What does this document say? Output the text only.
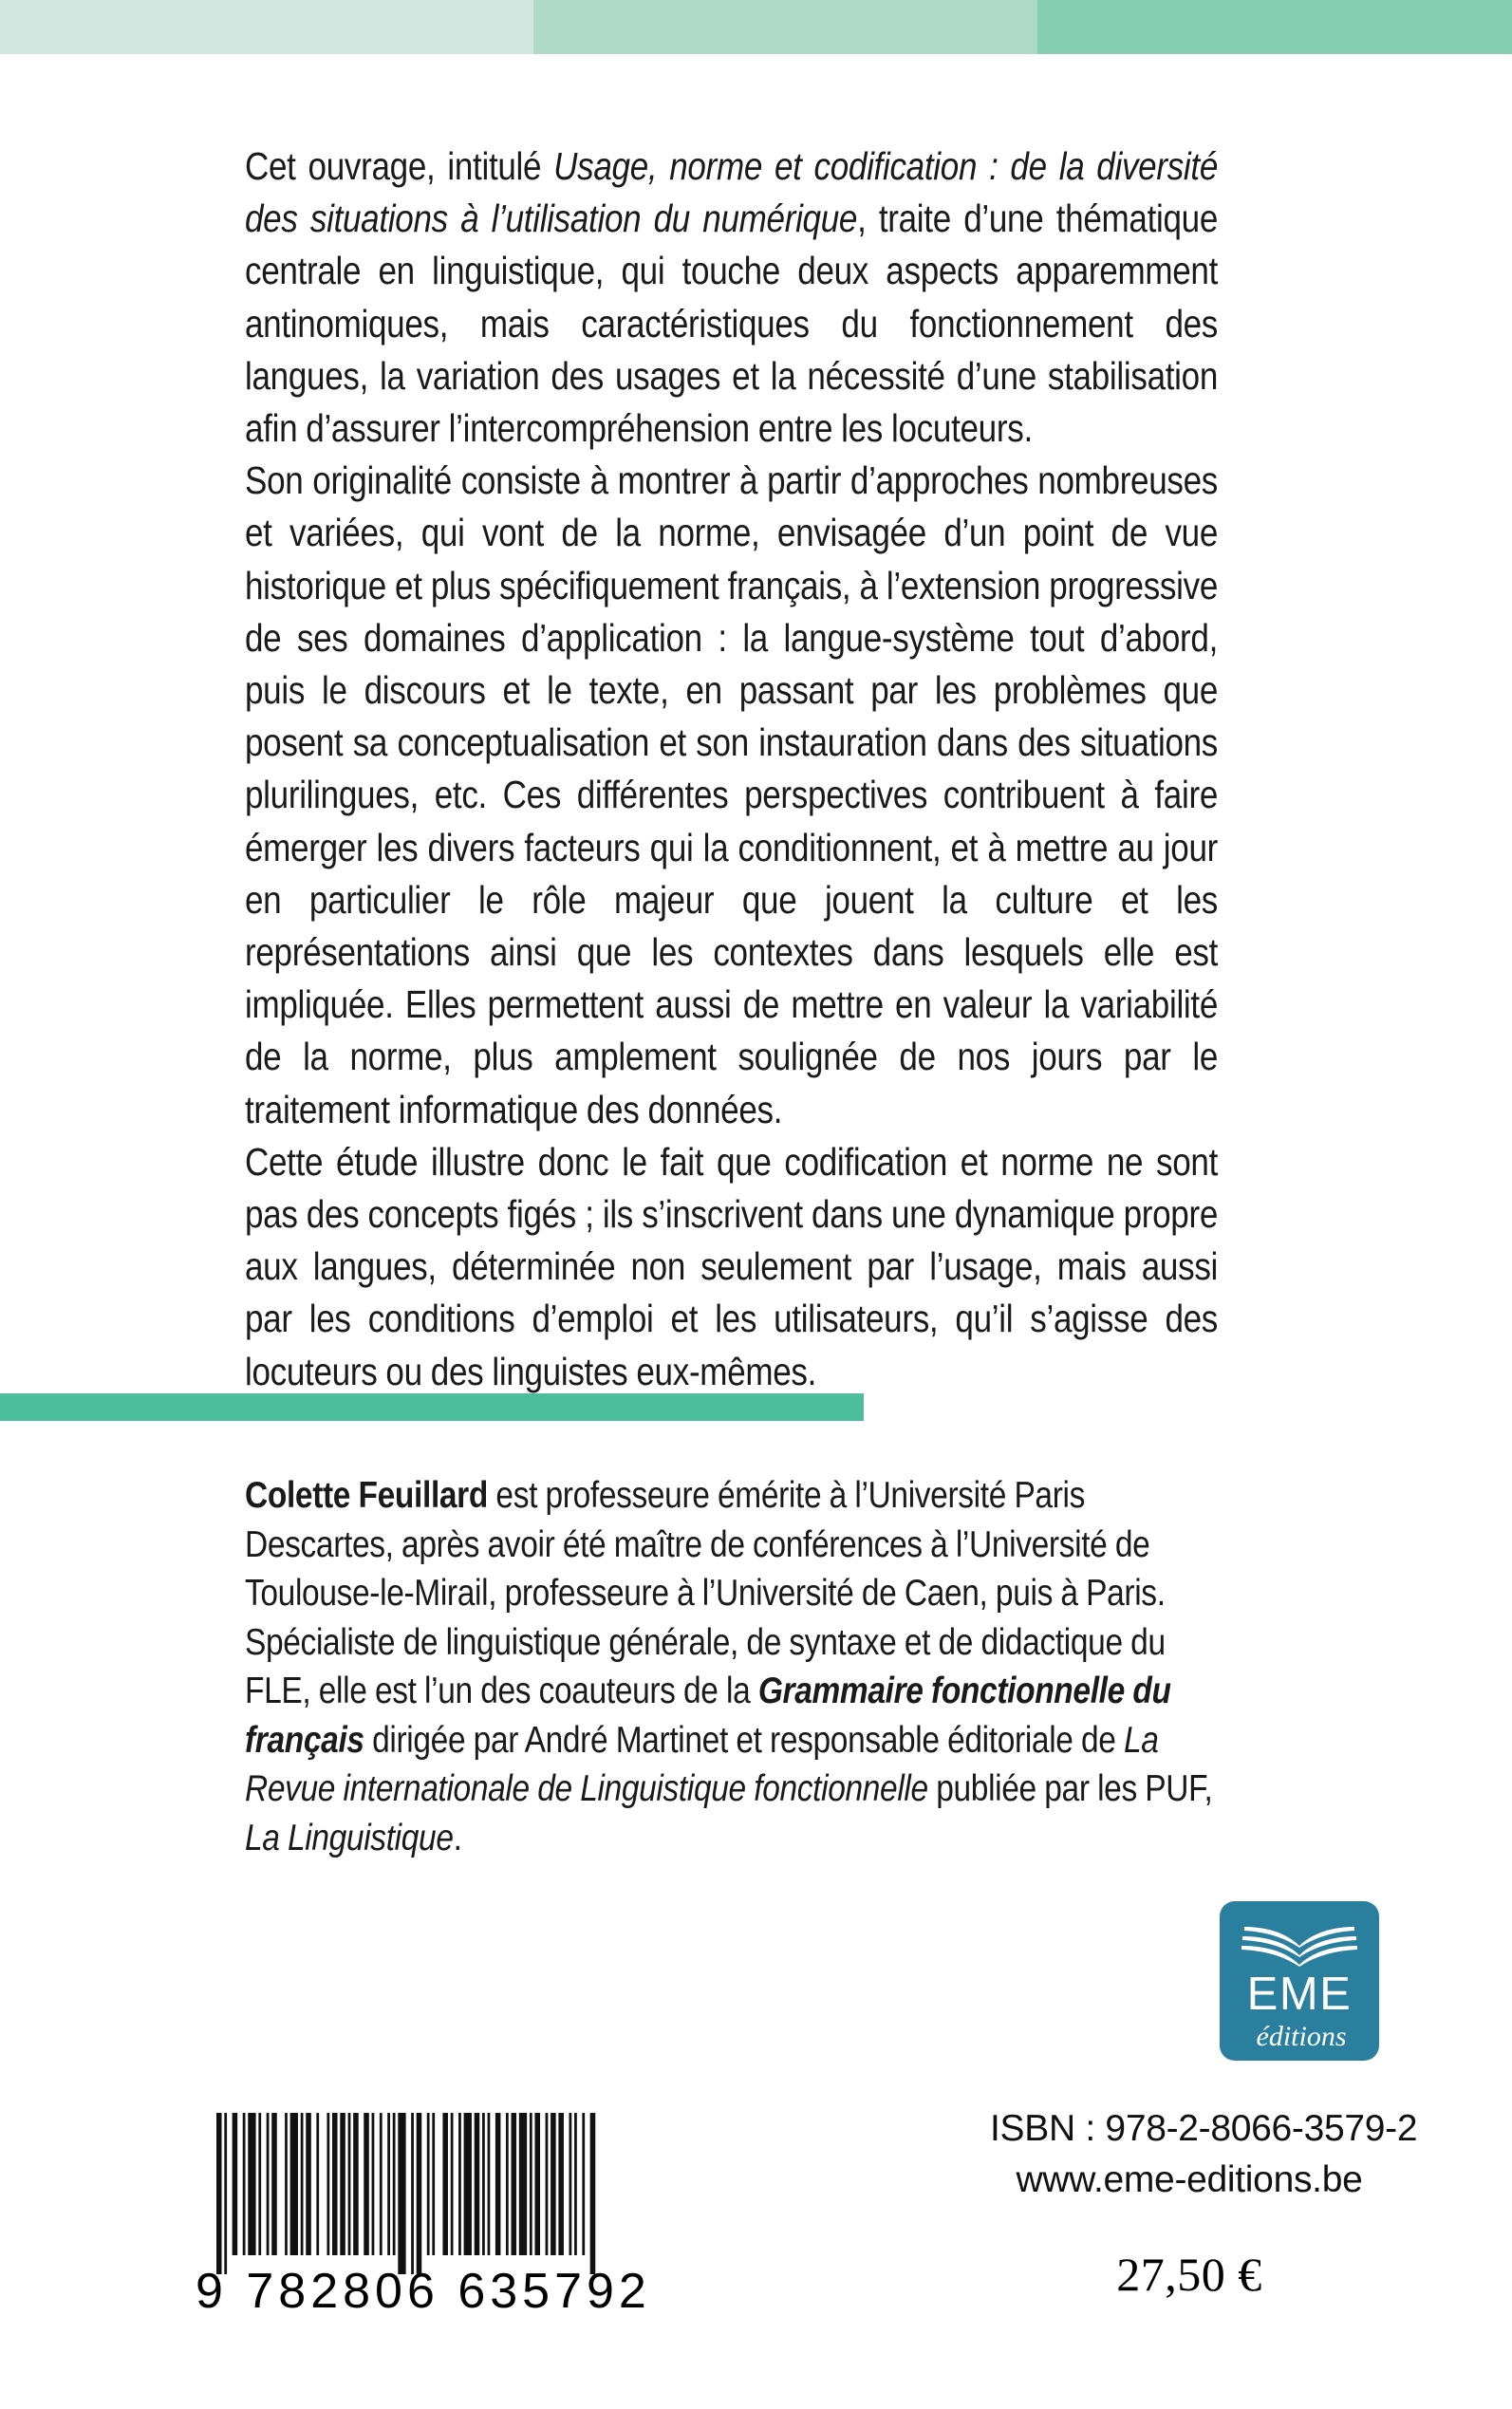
Cet ouvrage, intitulé Usage, norme et codification : de la diversité des situations à l’utilisation du numérique, traite d’une thématique centrale en linguistique, qui touche deux aspects apparemment antinomiques, mais caractéristiques du fonctionnement des langues, la variation des usages et la nécessité d’une stabilisation afin d’assurer l’intercompréhension entre les locuteurs.

Son originalité consiste à montrer à partir d’approches nombreuses et variées, qui vont de la norme, envisagée d’un point de vue historique et plus spécifiquement français, à l’extension progressive de ses domaines d’application : la langue-système tout d’abord, puis le discours et le texte, en passant par les problèmes que posent sa conceptualisation et son instauration dans des situations plurilingues, etc. Ces différentes perspectives contribuent à faire émerger les divers facteurs qui la conditionnent, et à mettre au jour en particulier le rôle majeur que jouent la culture et les représentations ainsi que les contextes dans lesquels elle est impliquée. Elles permettent aussi de mettre en valeur la variabilité de la norme, plus amplement soulignée de nos jours par le traitement informatique des données.

Cette étude illustre donc le fait que codification et norme ne sont pas des concepts figés ; ils s’inscrivent dans une dynamique propre aux langues, déterminée non seulement par l’usage, mais aussi par les conditions d’emploi et les utilisateurs, qu’il s’agisse des locuteurs ou des linguistes eux-mêmes.

Colette Feuillard est professeure émérite à l’Université Paris Descartes, après avoir été maître de conférences à l’Université de Toulouse-le-Mirail, professeure à l’Université de Caen, puis à Paris. Spécialiste de linguistique générale, de syntaxe et de didactique du FLE, elle est l’un des coauteurs de la Grammaire fonctionnelle du français dirigée par André Martinet et responsable éditoriale de La Revue internationale de Linguistique fonctionnelle publiée par les PUF, La Linguistique.

EME
éditions
9 782806 635792
ISBN : 978-2-8066-3579-2
www.eme-editions.be
27,50 €
